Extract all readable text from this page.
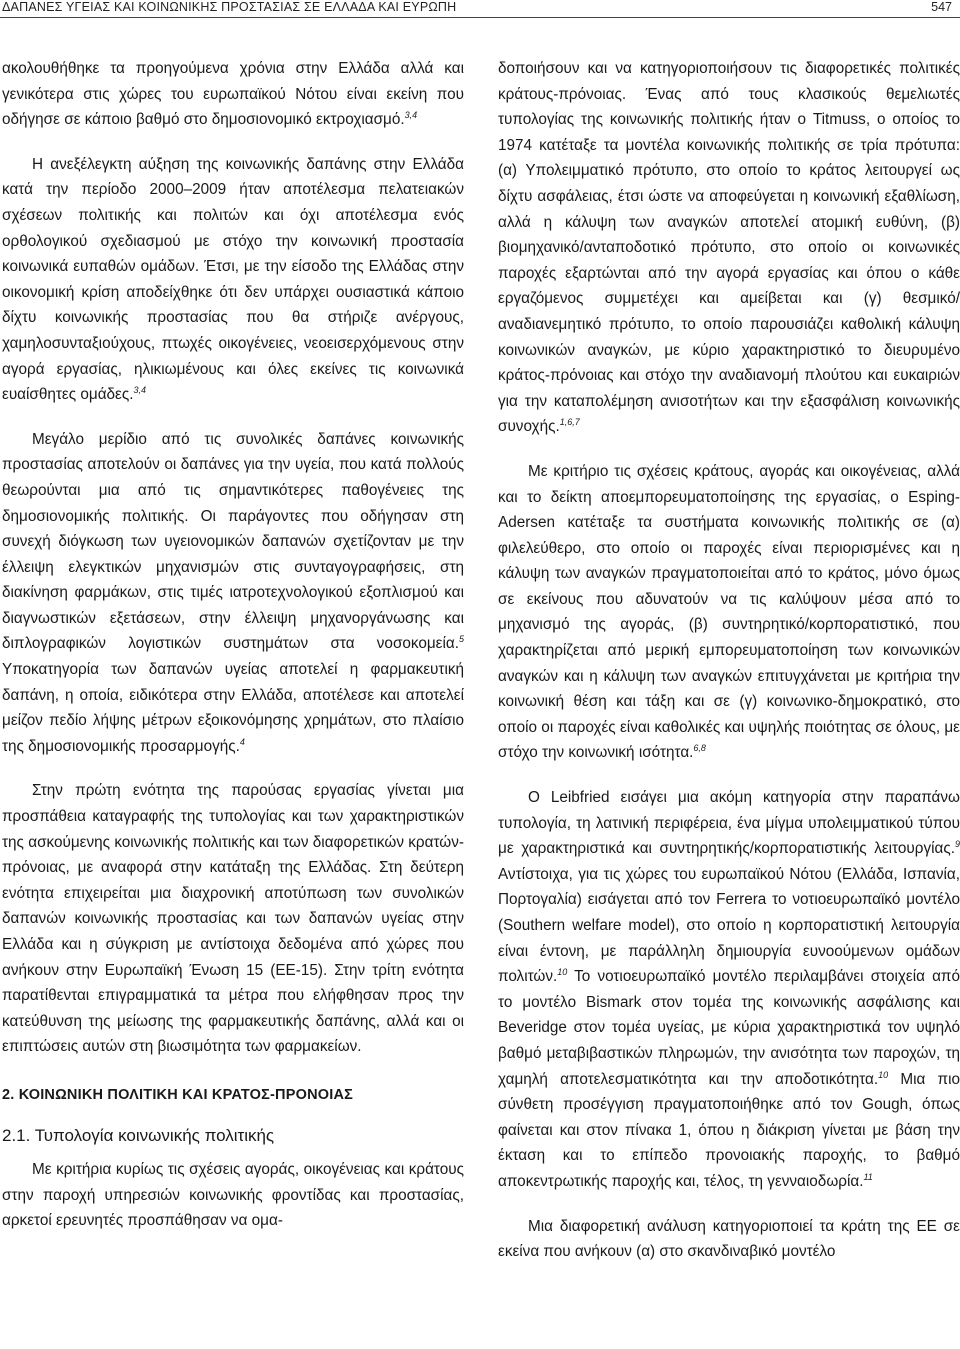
ΔΑΠΑΝΕΣ ΥΓΕΙΑΣ ΚΑΙ ΚΟΙΝΩΝΙΚΗΣ ΠΡΟΣΤΑΣΙΑΣ ΣΕ ΕΛΛΑΔΑ ΚΑΙ ΕΥΡΩΠΗ	547

ακολουθήθηκε τα προηγούμενα χρόνια στην Ελλάδα αλλά και γενικότερα στις χώρες του ευρωπαϊκού Νότου είναι εκείνη που οδήγησε σε κάποιο βαθμό στο δημοσιονομικό εκτροχιασμό.$^{3,4}$

Η ανεξέλεγκτη αύξηση της κοινωνικής δαπάνης στην Ελλάδα κατά την περίοδο 2000–2009 ήταν αποτέλεσμα πελατειακών σχέσεων πολιτικής και πολιτών και όχι αποτέλεσμα ενός ορθολογικού σχεδιασμού με στόχο την κοινωνική προστασία κοινωνικά ευπαθών ομάδων. Έτσι, με την είσοδο της Ελλάδας στην οικονομική κρίση αποδείχθηκε ότι δεν υπάρχει ουσιαστικά κάποιο δίχτυ κοινωνικής προστασίας που θα στήριζε ανέργους, χαμηλοσυνταξιούχους, πτωχές οικογένειες, νεοεισερχόμενους στην αγορά εργασίας, ηλικιωμένους και όλες εκείνες τις κοινωνικά ευαίσθητες ομάδες.$^{3,4}$

Μεγάλο μερίδιο από τις συνολικές δαπάνες κοινωνικής προστασίας αποτελούν οι δαπάνες για την υγεία, που κατά πολλούς θεωρούνται μια από τις σημαντικότερες παθογένειες της δημοσιονομικής πολιτικής. Οι παράγοντες που οδήγησαν στη συνεχή διόγκωση των υγειονομικών δαπανών σχετίζονταν με την έλλειψη ελεγκτικών μηχανισμών στις συνταγογραφήσεις, στη διακίνηση φαρμάκων, στις τιμές ιατροτεχνολογικού εξοπλισμού και διαγνωστικών εξετάσεων, στην έλλειψη μηχανοργάνωσης και διπλογραφικών λογιστικών συστημάτων στα νοσοκομεία.$^5$ Υποκατηγορία των δαπανών υγείας αποτελεί η φαρμακευτική δαπάνη, η οποία, ειδικότερα στην Ελλάδα, αποτέλεσε και αποτελεί μείζον πεδίο λήψης μέτρων εξοικονόμησης χρημάτων, στο πλαίσιο της δημοσιονομικής προσαρμογής.$^4$

Στην πρώτη ενότητα της παρούσας εργασίας γίνεται μια προσπάθεια καταγραφής της τυπολογίας και των χαρακτηριστικών της ασκούμενης κοινωνικής πολιτικής και των διαφορετικών κρατών-πρόνοιας, με αναφορά στην κατάταξη της Ελλάδας. Στη δεύτερη ενότητα επιχειρείται μια διαχρονική αποτύπωση των συνολικών δαπανών κοινωνικής προστασίας και των δαπανών υγείας στην Ελλάδα και η σύγκριση με αντίστοιχα δεδομένα από χώρες που ανήκουν στην Ευρωπαϊκή Ένωση 15 (ΕΕ-15). Στην τρίτη ενότητα παρατίθενται επιγραμματικά τα μέτρα που ελήφθησαν προς την κατεύθυνση της μείωσης της φαρμακευτικής δαπάνης, αλλά και οι επιπτώσεις αυτών στη βιωσιμότητα των φαρμακείων.

2. ΚΟΙΝΩΝΙΚΗ ΠΟΛΙΤΙΚΗ ΚΑΙ ΚΡΑΤΟΣ-ΠΡΟΝΟΙΑΣ
2.1. Τυπολογία κοινωνικής πολιτικής

Με κριτήρια κυρίως τις σχέσεις αγοράς, οικογένειας και κράτους στην παροχή υπηρεσιών κοινωνικής φροντίδας και προστασίας, αρκετοί ερευνητές προσπάθησαν να ομα-

δοποιήσουν και να κατηγοριοποιήσουν τις διαφορετικές πολιτικές κράτους-πρόνοιας. Ένας από τους κλασικούς θεμελιωτές τυπολογίας της κοινωνικής πολιτικής ήταν ο Titmuss, ο οποίος το 1974 κατέταξε τα μοντέλα κοινωνικής πολιτικής σε τρία πρότυπα: (α) Υπολειμματικό πρότυπο, στο οποίο το κράτος λειτουργεί ως δίχτυ ασφάλειας, έτσι ώστε να αποφεύγεται η κοινωνική εξαθλίωση, αλλά η κάλυψη των αναγκών αποτελεί ατομική ευθύνη, (β) βιομηχανικό/ανταποδοτικό πρότυπο, στο οποίο οι κοινωνικές παροχές εξαρτώνται από την αγορά εργασίας και όπου ο κάθε εργαζόμενος συμμετέχει και αμείβεται και (γ) θεσμικό/αναδιανεμητικό πρότυπο, το οποίο παρουσιάζει καθολική κάλυψη κοινωνικών αναγκών, με κύριο χαρακτηριστικό το διευρυμένο κράτος-πρόνοιας και στόχο την αναδιανομή πλούτου και ευκαιριών για την καταπολέμηση ανισοτήτων και την εξασφάλιση κοινωνικής συνοχής.$^{1,6,7}$

Με κριτήριο τις σχέσεις κράτους, αγοράς και οικογένειας, αλλά και το δείκτη αποεμπορευματοποίησης της εργασίας, ο Esping-Adersen κατέταξε τα συστήματα κοινωνικής πολιτικής σε (α) φιλελεύθερο, στο οποίο οι παροχές είναι περιορισμένες και η κάλυψη των αναγκών πραγματοποιείται από το κράτος, μόνο όμως σε εκείνους που αδυνατούν να τις καλύψουν μέσα από το μηχανισμό της αγοράς, (β) συντηρητικό/κορπορατιστικό, που χαρακτηρίζεται από μερική εμπορευματοποίηση των κοινωνικών αναγκών και η κάλυψη των αναγκών επιτυγχάνεται με κριτήρια την κοινωνική θέση και τάξη και σε (γ) κοινωνικο-δημοκρατικό, στο οποίο οι παροχές είναι καθολικές και υψηλής ποιότητας σε όλους, με στόχο την κοινωνική ισότητα.$^{6,8}$

Ο Leibfried εισάγει μια ακόμη κατηγορία στην παραπάνω τυπολογία, τη λατινική περιφέρεια, ένα μίγμα υπολειμματικού τύπου με χαρακτηριστικά και συντηρητικής/κορπορατιστικής λειτουργίας.$^9$ Αντίστοιχα, για τις χώρες του ευρωπαϊκού Νότου (Ελλάδα, Ισπανία, Πορτογαλία) εισάγεται από τον Ferrera το νοτιοευρωπαϊκό μοντέλο (Southern welfare model), στο οποίο η κορπορατιστική λειτουργία είναι έντονη, με παράλληλη δημιουργία ευνοούμενων ομάδων πολιτών.$^{10}$ Το νοτιοευρωπαϊκό μοντέλο περιλαμβάνει στοιχεία από το μοντέλο Bismark στον τομέα της κοινωνικής ασφάλισης και Beveridge στον τομέα υγείας, με κύρια χαρακτηριστικά τον υψηλό βαθμό μεταβιβαστικών πληρωμών, την ανισότητα των παροχών, τη χαμηλή αποτελεσματικότητα και την αποδοτικότητα.$^{10}$ Μια πιο σύνθετη προσέγγιση πραγματοποιήθηκε από τον Gough, όπως φαίνεται και στον πίνακα 1, όπου η διάκριση γίνεται με βάση την έκταση και το επίπεδο προνοιακής παροχής, το βαθμό αποκεντρωτικής παροχής και, τέλος, τη γενναιοδωρία.$^{11}$

Μια διαφορετική ανάλυση κατηγοριοποιεί τα κράτη της ΕΕ σε εκείνα που ανήκουν (α) στο σκανδιναβικό μοντέλο
